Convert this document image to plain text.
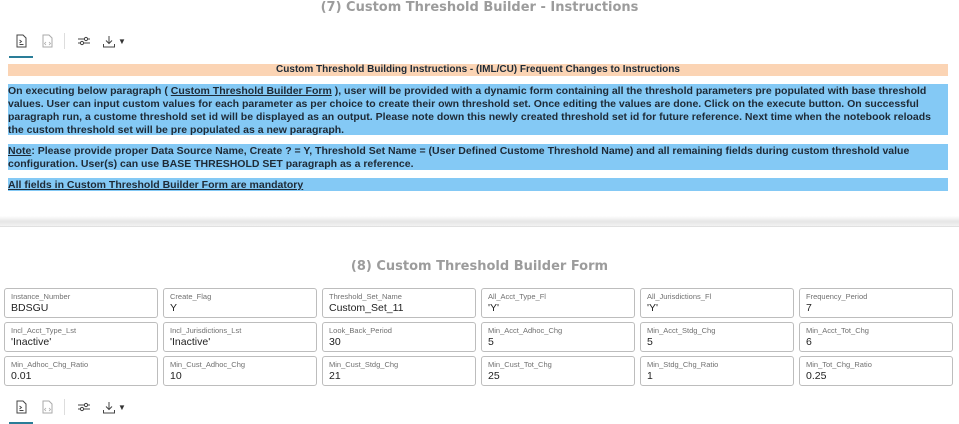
(7) Custom Threshold Builder - Instructions
▼
Custom Threshold Building Instructions - (IML/CU) Frequent Changes to Instructions
On executing below paragraph ( Custom Threshold Builder Form ), user will be provided with a dynamic form containing all the threshold parameters pre populated with base threshold values. User can input custom values for each parameter as per choice to create their own threshold set. Once editing the values are done. Click on the execute button. On successful paragraph run, a custome threshold set id will be displayed as an output. Please note down this newly created threshold set id for future reference. Next time when the notebook reloads the custom threshold set will be pre populated as a new paragraph.
Note: Please provide proper Data Source Name, Create ? = Y, Threshold Set Name = (User Defined Custome Threshold Name) and all remaining fields during custom threshold value configuration. User(s) can use BASE THRESHOLD SET paragraph as a reference.
All fields in Custom Threshold Builder Form are mandatory
(8) Custom Threshold Builder Form
Instance_Number
BDSGU
Create_Flag
Y
Threshold_Set_Name
Custom_Set_11
All_Acct_Type_Fl
'Y'
All_Jurisdictions_Fl
'Y'
Frequency_Period
7
Incl_Acct_Type_Lst
'Inactive'
Incl_Jurisdictions_Lst
'Inactive'
Look_Back_Period
30
Min_Acct_Adhoc_Chg
5
Min_Acct_Stdg_Chg
5
Min_Acct_Tot_Chg
6
Min_Adhoc_Chg_Ratio
0.01
Min_Cust_Adhoc_Chg
10
Min_Cust_Stdg_Chg
21
Min_Cust_Tot_Chg
25
Min_Stdg_Chg_Ratio
1
Min_Tot_Chg_Ratio
0.25
▼
